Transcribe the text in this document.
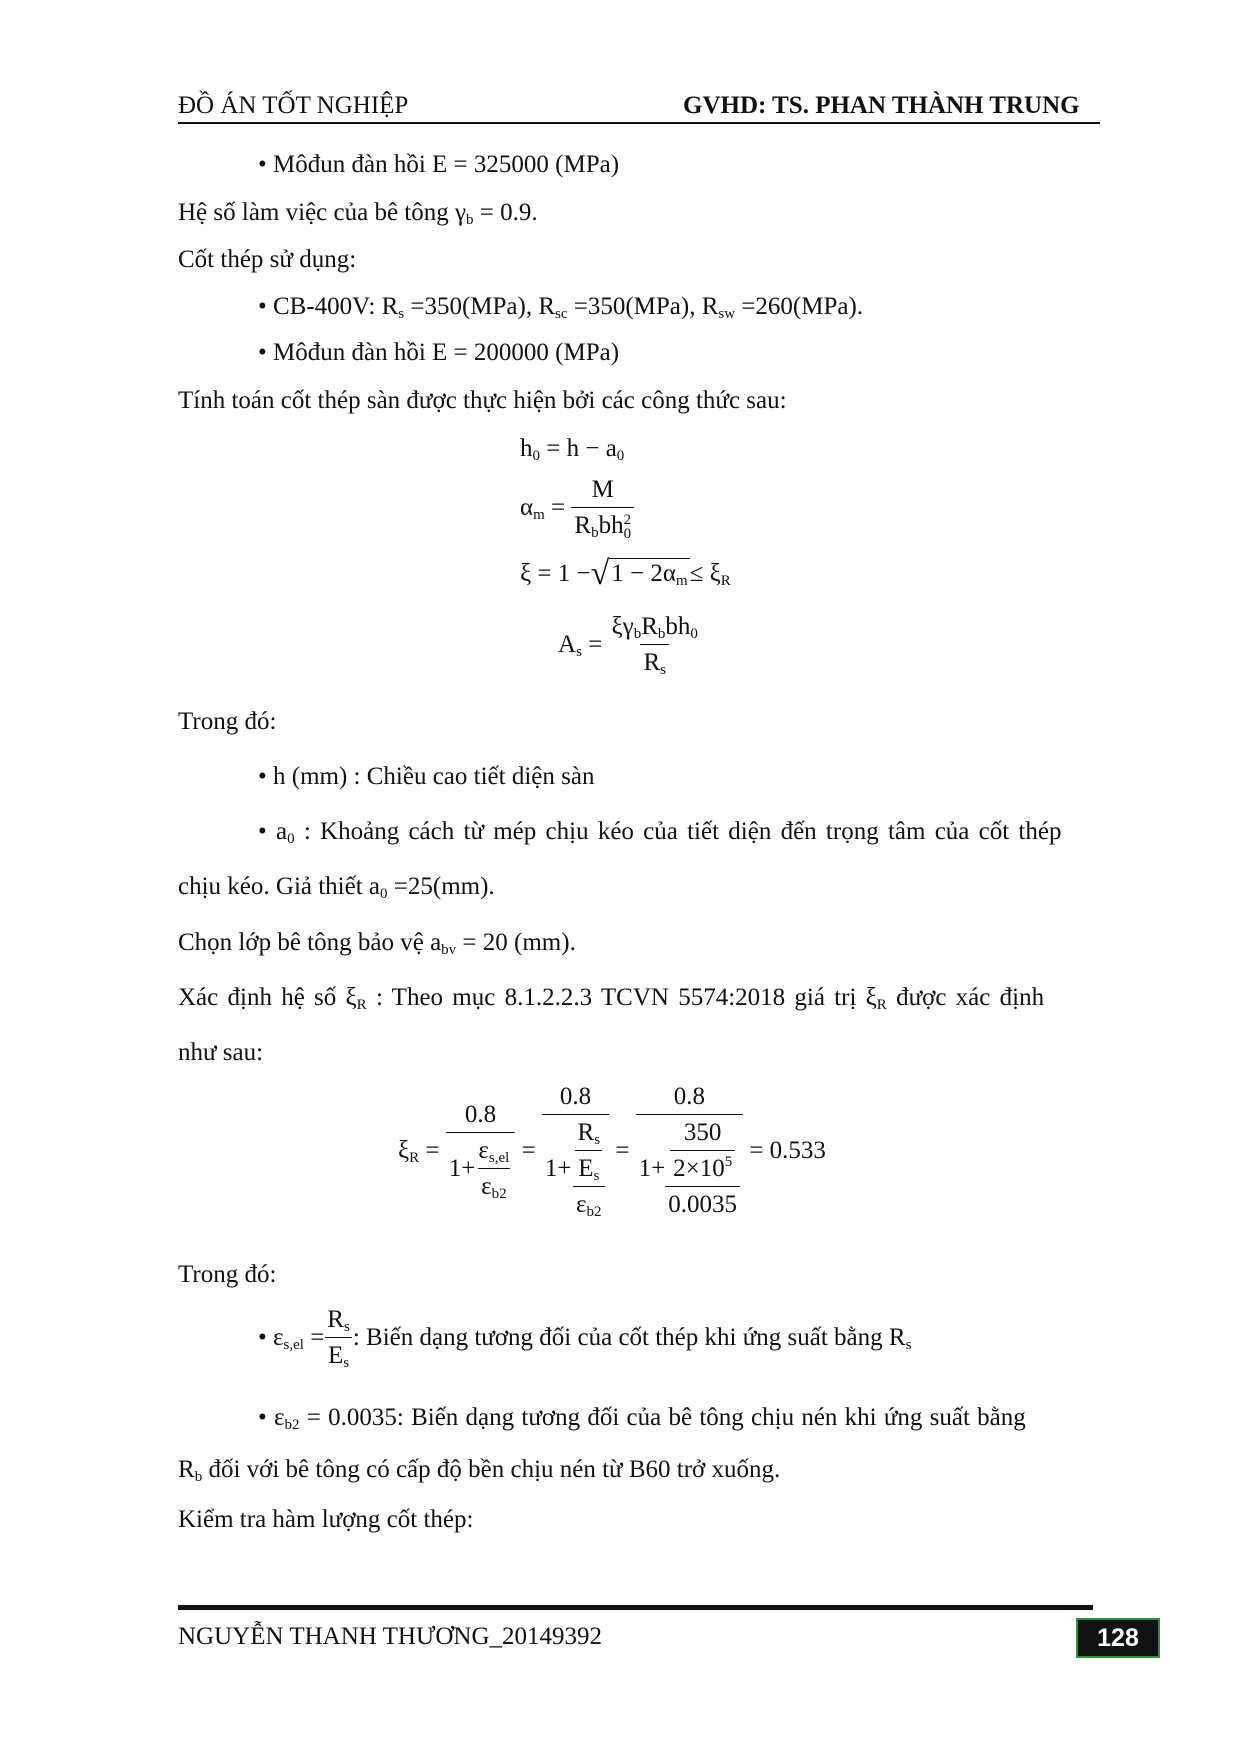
ĐỒ ÁN TỐT NGHIỆP	GVHD: TS. PHAN THÀNH TRUNG
• Môđun đàn hồi E = 325000 (MPa)
Hệ số làm việc của bê tông $\gamma_b = 0.9$.
Cốt thép sử dụng:
• CB-400V: $R_s =350(MPa)$, $R_{sc} =350(MPa)$, $R_{sw} =260(MPa)$.
• Môđun đàn hồi E = 200000 (MPa)
Tính toán cốt thép sàn được thực hiện bởi các công thức sau:
$h_0 = h - a_0$
$\alpha_m = M$
$R_bbh$ 2
0
ξ = 1 − √ $1 - 2\alpha_m \le \xi_R$
$A_s = \frac{\xi\gamma_bR_bbh_0}{R_s}$
Trong đó:
• h (mm) : Chiều cao tiết diện sàn
• $a_0$ : Khoảng cách từ mép chịu kéo của tiết diện đến trọng tâm của cốt thép
chịu kéo. Giả thiết $a_0 =25(mm)$.
Chọn lớp bê tông bảo vệ $a_{bv} = 20$ (mm).
Xác định hệ số $\xi_R$ : Theo mục 8.1.2.2.3 TCVN 5574:2018 giá trị $\xi_R$ được xác định
như sau:
$\xi_R = \frac{0.8}{1+ \frac{\varepsilon_{s,el}}{\varepsilon_{b2}}}$ =
0.8
$1+ \frac{\frac{R_s}{E_s}}{\varepsilon_{b2}}$ =
0.8
$1+ \frac{\frac{350}{2\times 10^5}}{0.0035} = 0.533$
Trong đó:
• $\varepsilon_{s,el} = \frac{R_s}{E_s}$ : Biến dạng tương đối của cốt thép khi ứng suất bằng $R_s$
• $\varepsilon_{b2} = 0.0035$: Biến dạng tương đối của bê tông chịu nén khi ứng suất bằng
$R_b$ đối với bê tông có cấp độ bền chịu nén từ B60 trở xuống.
Kiểm tra hàm lượng cốt thép:
NGUYỄN THANH THƯƠNG_20149392	128
